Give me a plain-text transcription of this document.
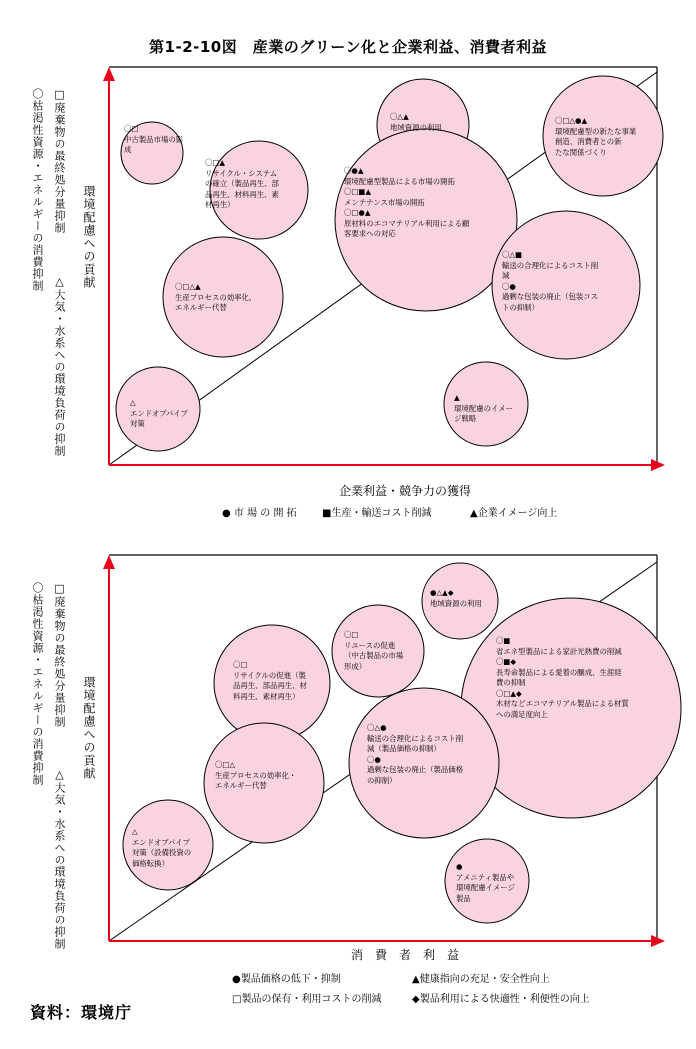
第1-2-10図　産業のグリーン化と企業利益、消費者利益
〇枯渇性資源・エネルギーの消費抑制 □廃棄物の最終処分量抑制
△大気・水系への環境負荷の抑制
環境配慮への貢献
企業利益・競争力の獲得
● 市 場 の 開 拓	■生産・輸送コスト削減	▲企業イメージ向上
〇□
中古製品市場の影
成
〇□▲
リサイクル・システム
の確立（製品再生、部
品再生、材料再生、素
材再生）
〇△▲
地域資源の利用
〇●▲
環境配慮型製品による市場の開拓
〇□■▲
メンテナンス市場の開拓
〇□●▲
原材料のエコマテリアル利用による顧
客要求への対応
〇□△●▲
環境配慮型の新たな事業
創造、消費者との新
たな関係づくり
〇□△▲
生産プロセスの効率化、
エネルギー代替
〇△■
輸送の合理化によるコスト削
減
〇●
過剰な包装の廃止（包装コス
トの抑制）
△
エンドオブパイプ
対策
▲
環境配慮のイメー
ジ戦略
〇枯渇性資源・エネルギーの消費抑制 □廃棄物の最終処分量抑制
△大気・水系への環境負荷の抑制
環境配慮への貢献
消　費　者　利　益
●製品価格の低下・抑制	▲健康指向の充足・安全性向上
□製品の保有・利用コストの削減	◆製品利用による快適性・利便性の向上
●△▲◆
地域資源の利用
〇□
リユースの促進
（中古製品の市場
形成）
〇□
リサイクルの促進（製
品再生、部品再生、材
料再生、素材再生）
〇■
省エネ型製品による家計光熱費の削減
〇■◆
長寿命製品による愛着の醸成、生涯経
費の抑制
〇□▲◆
木材などエコマテリアル製品による材質
への満足度向上
〇△●
輸送の合理化によるコスト削
減（製品価格の抑制）
〇●
過剰な包装の廃止（製品価格
の抑制）
〇□△
生産プロセスの効率化・
エネルギー代替
△
エンドオブパイプ
対策（設備投資の
価格転換）	●
アメニティ製品や
環境配慮イメージ
製品
資料：環境庁
